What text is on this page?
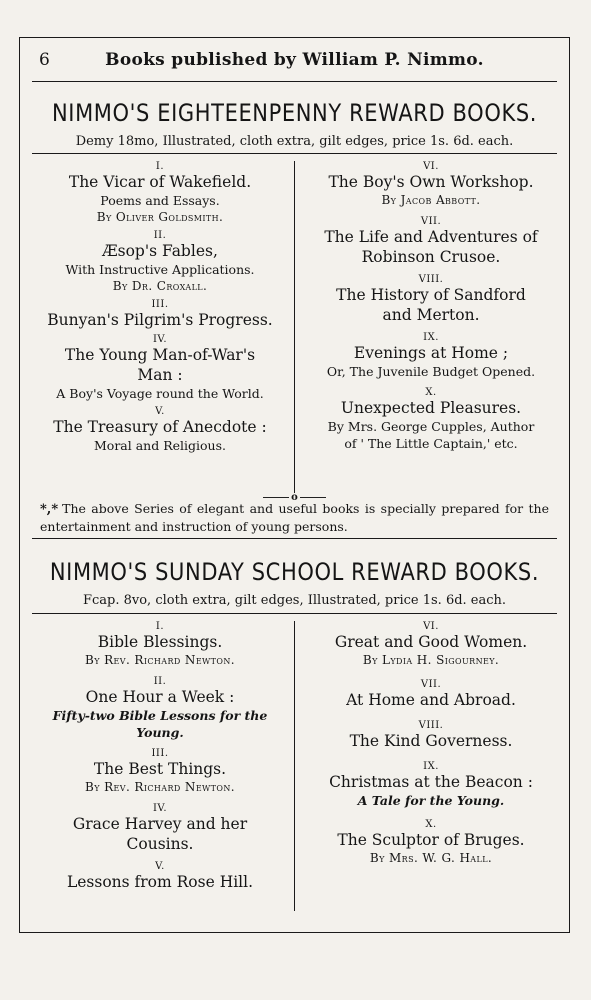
6	Books published by William P. Nimmo.
NIMMO'S EIGHTEENPENNY REWARD BOOKS.
Demy 18mo, Illustrated, cloth extra, gilt edges, price 1s. 6d. each.
I.
The Vicar of Wakefield.
Poems and Essays.
By Oliver Goldsmith.
II.
Æsop's Fables,
With Instructive Applications.
By Dr. Croxall.
III.
Bunyan's Pilgrim's Progress.
IV.
The Young Man-of-War's
Man :
A Boy's Voyage round the World.
V.
The Treasury of Anecdote :
Moral and Religious.
VI.
The Boy's Own Workshop.
By Jacob Abbott.
VII.
The Life and Adventures of
Robinson Crusoe.
VIII.
The History of Sandford
and Merton.
IX.
Evenings at Home ;
Or, The Juvenile Budget Opened.
X.
Unexpected Pleasures.
By Mrs. George Cupples, Author
of ' The Little Captain,' etc.
o
*,* The above Series of elegant and useful books is specially prepared for the entertainment and instruction of young persons.
NIMMO'S SUNDAY SCHOOL REWARD BOOKS.
Fcap. 8vo, cloth extra, gilt edges, Illustrated, price 1s. 6d. each.
I.
Bible Blessings.
By Rev. Richard Newton.
II.
One Hour a Week :
Fifty-two Bible Lessons for the
Young.
III.
The Best Things.
By Rev. Richard Newton.
IV.
Grace Harvey and her
Cousins.
V.
Lessons from Rose Hill.
VI.
Great and Good Women.
By Lydia H. Sigourney.
VII.
At Home and Abroad.
VIII.
The Kind Governess.
IX.
Christmas at the Beacon :
A Tale for the Young.
X.
The Sculptor of Bruges.
By Mrs. W. G. Hall.
